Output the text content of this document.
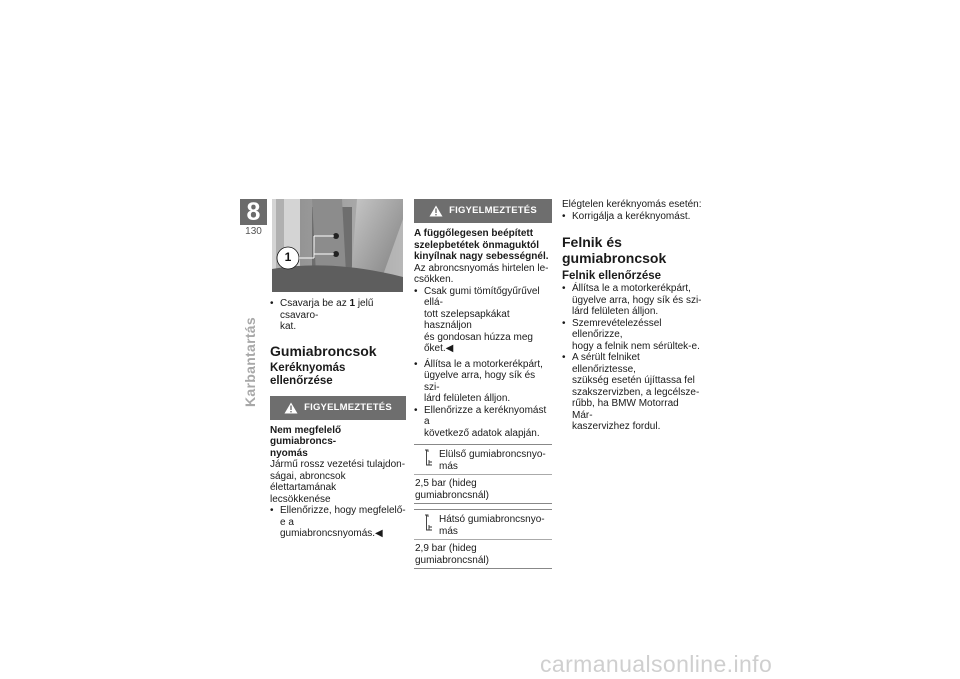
8
130
Karbantartás
1
• Csavarja be az 1 jelű csavaro-
kat.
Gumiabroncsok
Keréknyomás ellenőrzése
FIGYELMEZTETÉS

Nem megfelelő gumiabroncs-

nyomás

Jármű rossz vezetési tulajdon-

ságai, abroncsok élettartamának

lecsökkenése

• Ellenőrizze, hogy megfelelő-e a
gumiabroncsnyomás.◀
FIGYELMEZTETÉS

A függőlegesen beépített

szelepbetétek önmaguktól

kinyílnak nagy sebességnél.

Az abroncsnyomás hirtelen le-

csökken.

• Csak gumi tömítőgyűrűvel ellá-
tott szelepsapkákat használjon
és gondosan húzza meg őket.◀
• Állítsa le a motorkerékpárt,
ügyelve arra, hogy sík és szi-
lárd felületen álljon.
• Ellenőrizze a keréknyomást a
következő adatok alapján.

Elülső gumiabroncsnyo-

más

2,5 bar (hideg gumiabroncsnál)

Hátsó gumiabroncsnyo-

más

2,9 bar (hideg gumiabroncsnál)

Elégtelen keréknyomás esetén:

• Korrigálja a keréknyomást.
Felnik és
gumiabroncsok
Felnik ellenőrzése
• Állítsa le a motorkerékpárt,
ügyelve arra, hogy sík és szi-
lárd felületen álljon.
• Szemrevételezéssel ellenőrizze,
hogy a felnik nem sérültek-e.
• A sérült felniket ellenőriztesse,
szükség esetén újíttassa fel
szakszervizben, a legcélsze-
rűbb, ha BMW Motorrad Már-
kaszervizhez fordul.
carmanualsonline.info
